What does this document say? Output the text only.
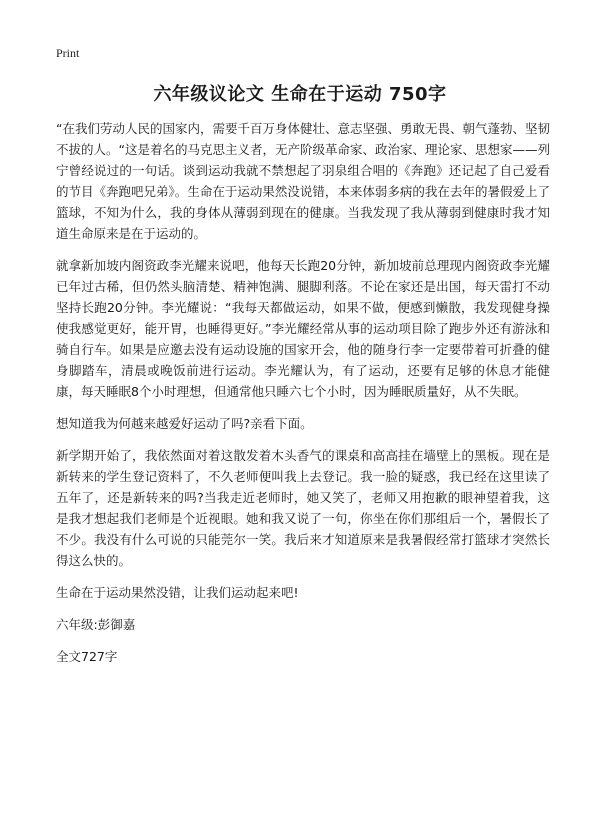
Print
六年级议论文 生命在于运动 750字

“在我们劳动人民的国家内，需要千百万身体健壮、意志坚强、勇敢无畏、朝气蓬勃、坚韧不拔的人。“这是着名的马克思主义者，无产阶级革命家、政治家、理论家、思想家——列宁曾经说过的一句话。谈到运动我就不禁想起了羽泉组合唱的《奔跑》还记起了自己爱看的节目《奔跑吧兄弟》。生命在于运动果然没说错，本来体弱多病的我在去年的暑假爱上了篮球，不知为什么，我的身体从薄弱到现在的健康。当我发现了我从薄弱到健康时我才知道生命原来是在于运动的。

就拿新加坡内阁资政李光耀来说吧，他每天长跑20分钟，新加坡前总理现内阁资政李光耀已年过古稀，但仍然头脑清楚、精神饱满、腿脚利落。不论在家还是出国，每天雷打不动坚持长跑20分钟。李光耀说：“我每天都做运动，如果不做，便感到懒散，我发现健身操使我感觉更好，能开胃，也睡得更好。”李光耀经常从事的运动项目除了跑步外还有游泳和骑自行车。如果是应邀去没有运动设施的国家开会，他的随身行李一定要带着可折叠的健身脚踏车，清晨或晚饭前进行运动。李光耀认为，有了运动，还要有足够的休息才能健康，每天睡眠8个小时理想，但通常他只睡六七个小时，因为睡眠质量好，从不失眠。

想知道我为何越来越爱好运动了吗?亲看下面。

新学期开始了，我依然面对着这散发着木头香气的课桌和高高挂在墙壁上的黑板。现在是新转来的学生登记资料了，不久老师便叫我上去登记。我一脸的疑惑，我已经在这里读了五年了，还是新转来的吗?当我走近老师时，她又笑了，老师又用抱歉的眼神望着我，这是我才想起我们老师是个近视眼。她和我又说了一句，你坐在你们那组后一个，暑假长了不少。我没有什么可说的只能莞尔一笑。我后来才知道原来是我暑假经常打篮球才突然长得这么快的。

生命在于运动果然没错，让我们运动起来吧!

六年级:彭御嘉

全文727字
